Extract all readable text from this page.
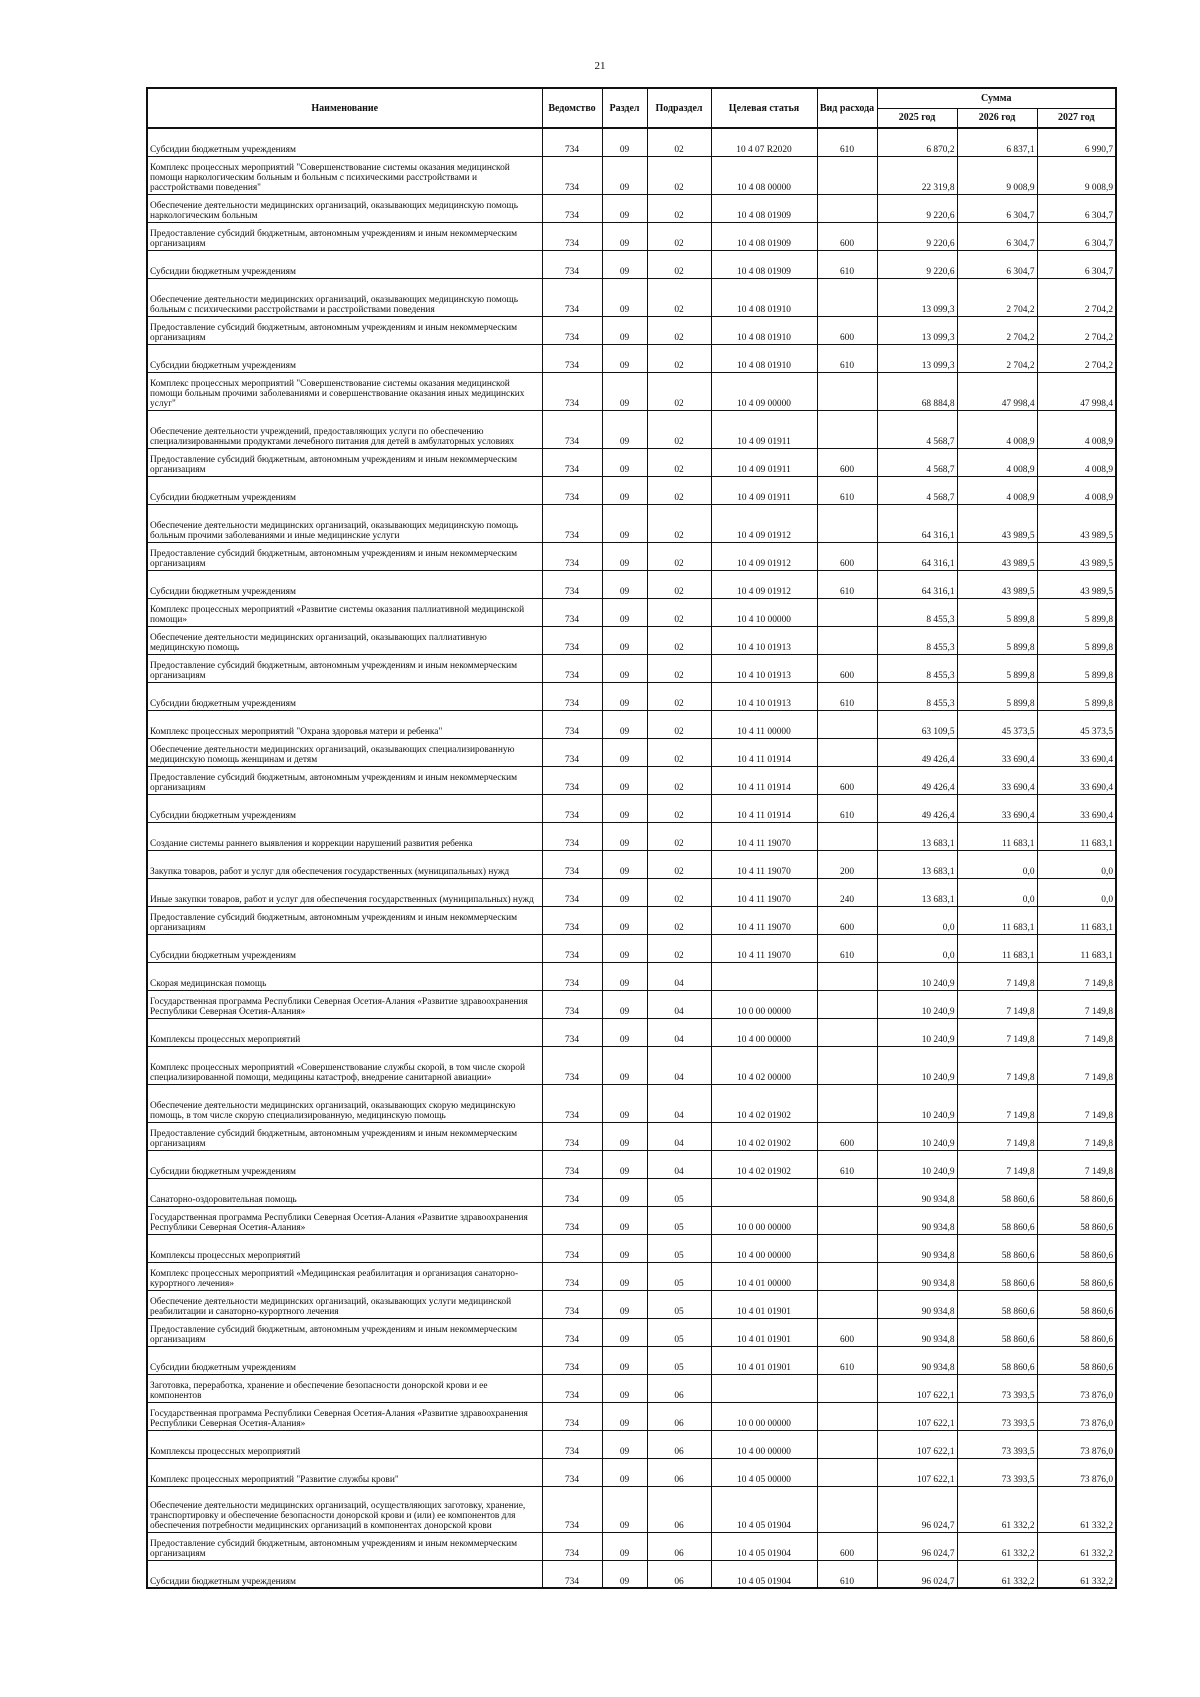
21
Наименование	Ведомство	Раздел	Подраздел	Целевая статья	Вид расхода	Сумма		
						2025 год	2026 год	2027 год
Субсидии бюджетным учреждениям	734	09	02	10 4 07 R2020	610	6 870,2	6 837,1	6 990,7
Комплекс процессных мероприятий "Совершенствование системы оказания медицинской помощи наркологическим больным и больным с психическими расстройствами и расстройствами поведения"	734	09	02	10 4 08 00000		22 319,8	9 008,9	9 008,9
Обеспечение деятельности медицинских организаций, оказывающих медицинскую помощь наркологическим больным	734	09	02	10 4 08 01909		9 220,6	6 304,7	6 304,7
Предоставление субсидий бюджетным, автономным учреждениям и иным некоммерческим организациям	734	09	02	10 4 08 01909	600	9 220,6	6 304,7	6 304,7
Субсидии бюджетным учреждениям	734	09	02	10 4 08 01909	610	9 220,6	6 304,7	6 304,7
Обеспечение деятельности медицинских организаций, оказывающих медицинскую помощь больным с психическими расстройствами и расстройствами поведения	734	09	02	10 4 08 01910		13 099,3	2 704,2	2 704,2
Предоставление субсидий бюджетным, автономным учреждениям и иным некоммерческим организациям	734	09	02	10 4 08 01910	600	13 099,3	2 704,2	2 704,2
Субсидии бюджетным учреждениям	734	09	02	10 4 08 01910	610	13 099,3	2 704,2	2 704,2
Комплекс процессных мероприятий "Совершенствование системы оказания медицинской помощи больным прочими заболеваниями и совершенствование оказания иных медицинских услуг"	734	09	02	10 4 09 00000		68 884,8	47 998,4	47 998,4
Обеспечение деятельности учреждений, предоставляющих услуги по обеспечению специализированными продуктами лечебного питания для детей в амбулаторных условиях	734	09	02	10 4 09 01911		4 568,7	4 008,9	4 008,9
Предоставление субсидий бюджетным, автономным учреждениям и иным некоммерческим организациям	734	09	02	10 4 09 01911	600	4 568,7	4 008,9	4 008,9
Субсидии бюджетным учреждениям	734	09	02	10 4 09 01911	610	4 568,7	4 008,9	4 008,9
Обеспечение деятельности медицинских организаций, оказывающих медицинскую помощь больным прочими заболеваниями и иные медицинские услуги	734	09	02	10 4 09 01912		64 316,1	43 989,5	43 989,5
Предоставление субсидий бюджетным, автономным учреждениям и иным некоммерческим организациям	734	09	02	10 4 09 01912	600	64 316,1	43 989,5	43 989,5
Субсидии бюджетным учреждениям	734	09	02	10 4 09 01912	610	64 316,1	43 989,5	43 989,5
Комплекс процессных мероприятий «Развитие системы оказания паллиативной медицинской помощи»	734	09	02	10 4 10 00000		8 455,3	5 899,8	5 899,8
Обеспечение деятельности медицинских организаций, оказывающих паллиативную медицинскую помощь	734	09	02	10 4 10 01913		8 455,3	5 899,8	5 899,8
Предоставление субсидий бюджетным, автономным учреждениям и иным некоммерческим организациям	734	09	02	10 4 10 01913	600	8 455,3	5 899,8	5 899,8
Субсидии бюджетным учреждениям	734	09	02	10 4 10 01913	610	8 455,3	5 899,8	5 899,8
Комплекс процессных мероприятий "Охрана здоровья матери и ребенка"	734	09	02	10 4 11 00000		63 109,5	45 373,5	45 373,5
Обеспечение деятельности медицинских организаций, оказывающих специализированную медицинскую помощь женщинам и детям	734	09	02	10 4 11 01914		49 426,4	33 690,4	33 690,4
Предоставление субсидий бюджетным, автономным учреждениям и иным некоммерческим организациям	734	09	02	10 4 11 01914	600	49 426,4	33 690,4	33 690,4
Субсидии бюджетным учреждениям	734	09	02	10 4 11 01914	610	49 426,4	33 690,4	33 690,4
Создание системы раннего выявления и коррекции нарушений развития ребенка	734	09	02	10 4 11 19070		13 683,1	11 683,1	11 683,1
Закупка товаров, работ и услуг для обеспечения государственных (муниципальных) нужд	734	09	02	10 4 11 19070	200	13 683,1	0,0	0,0
Иные закупки товаров, работ и услуг для обеспечения государственных (муниципальных) нужд	734	09	02	10 4 11 19070	240	13 683,1	0,0	0,0
Предоставление субсидий бюджетным, автономным учреждениям и иным некоммерческим организациям	734	09	02	10 4 11 19070	600	0,0	11 683,1	11 683,1
Субсидии бюджетным учреждениям	734	09	02	10 4 11 19070	610	0,0	11 683,1	11 683,1
Скорая медицинская помощь	734	09	04			10 240,9	7 149,8	7 149,8
Государственная программа Республики Северная Осетия-Алания «Развитие здравоохранения Республики Северная Осетия-Алания»	734	09	04	10 0 00 00000		10 240,9	7 149,8	7 149,8
Комплексы процессных мероприятий	734	09	04	10 4 00 00000		10 240,9	7 149,8	7 149,8
Комплекс процессных мероприятий «Совершенствование службы скорой, в том числе скорой специализированной помощи, медицины катастроф, внедрение санитарной авиации»	734	09	04	10 4 02 00000		10 240,9	7 149,8	7 149,8
Обеспечение деятельности медицинских организаций, оказывающих скорую медицинскую помощь, в том числе скорую специализированную, медицинскую помощь	734	09	04	10 4 02 01902		10 240,9	7 149,8	7 149,8
Предоставление субсидий бюджетным, автономным учреждениям и иным некоммерческим организациям	734	09	04	10 4 02 01902	600	10 240,9	7 149,8	7 149,8
Субсидии бюджетным учреждениям	734	09	04	10 4 02 01902	610	10 240,9	7 149,8	7 149,8
Санаторно-оздоровительная помощь	734	09	05			90 934,8	58 860,6	58 860,6
Государственная программа Республики Северная Осетия-Алания «Развитие здравоохранения Республики Северная Осетия-Алания»	734	09	05	10 0 00 00000		90 934,8	58 860,6	58 860,6
Комплексы процессных мероприятий	734	09	05	10 4 00 00000		90 934,8	58 860,6	58 860,6
Комплекс процессных мероприятий «Медицинская реабилитация и организация санаторно-курортного лечения»	734	09	05	10 4 01 00000		90 934,8	58 860,6	58 860,6
Обеспечение деятельности медицинских организаций, оказывающих услуги медицинской реабилитации и санаторно-курортного лечения	734	09	05	10 4 01 01901		90 934,8	58 860,6	58 860,6
Предоставление субсидий бюджетным, автономным учреждениям и иным некоммерческим организациям	734	09	05	10 4 01 01901	600	90 934,8	58 860,6	58 860,6
Субсидии бюджетным учреждениям	734	09	05	10 4 01 01901	610	90 934,8	58 860,6	58 860,6
Заготовка, переработка, хранение и обеспечение безопасности донорской крови и ее компонентов	734	09	06			107 622,1	73 393,5	73 876,0
Государственная программа Республики Северная Осетия-Алания «Развитие здравоохранения Республики Северная Осетия-Алания»	734	09	06	10 0 00 00000		107 622,1	73 393,5	73 876,0
Комплексы процессных мероприятий	734	09	06	10 4 00 00000		107 622,1	73 393,5	73 876,0
Комплекс процессных мероприятий "Развитие службы крови"	734	09	06	10 4 05 00000		107 622,1	73 393,5	73 876,0
Обеспечение деятельности медицинских организаций, осуществляющих заготовку, хранение, транспортировку и обеспечение безопасности донорской крови и (или) ее компонентов для обеспечения потребности медицинских организаций в компонентах донорской крови	734	09	06	10 4 05 01904		96 024,7	61 332,2	61 332,2
Предоставление субсидий бюджетным, автономным учреждениям и иным некоммерческим организациям	734	09	06	10 4 05 01904	600	96 024,7	61 332,2	61 332,2
Субсидии бюджетным учреждениям	734	09	06	10 4 05 01904	610	96 024,7	61 332,2	61 332,2
